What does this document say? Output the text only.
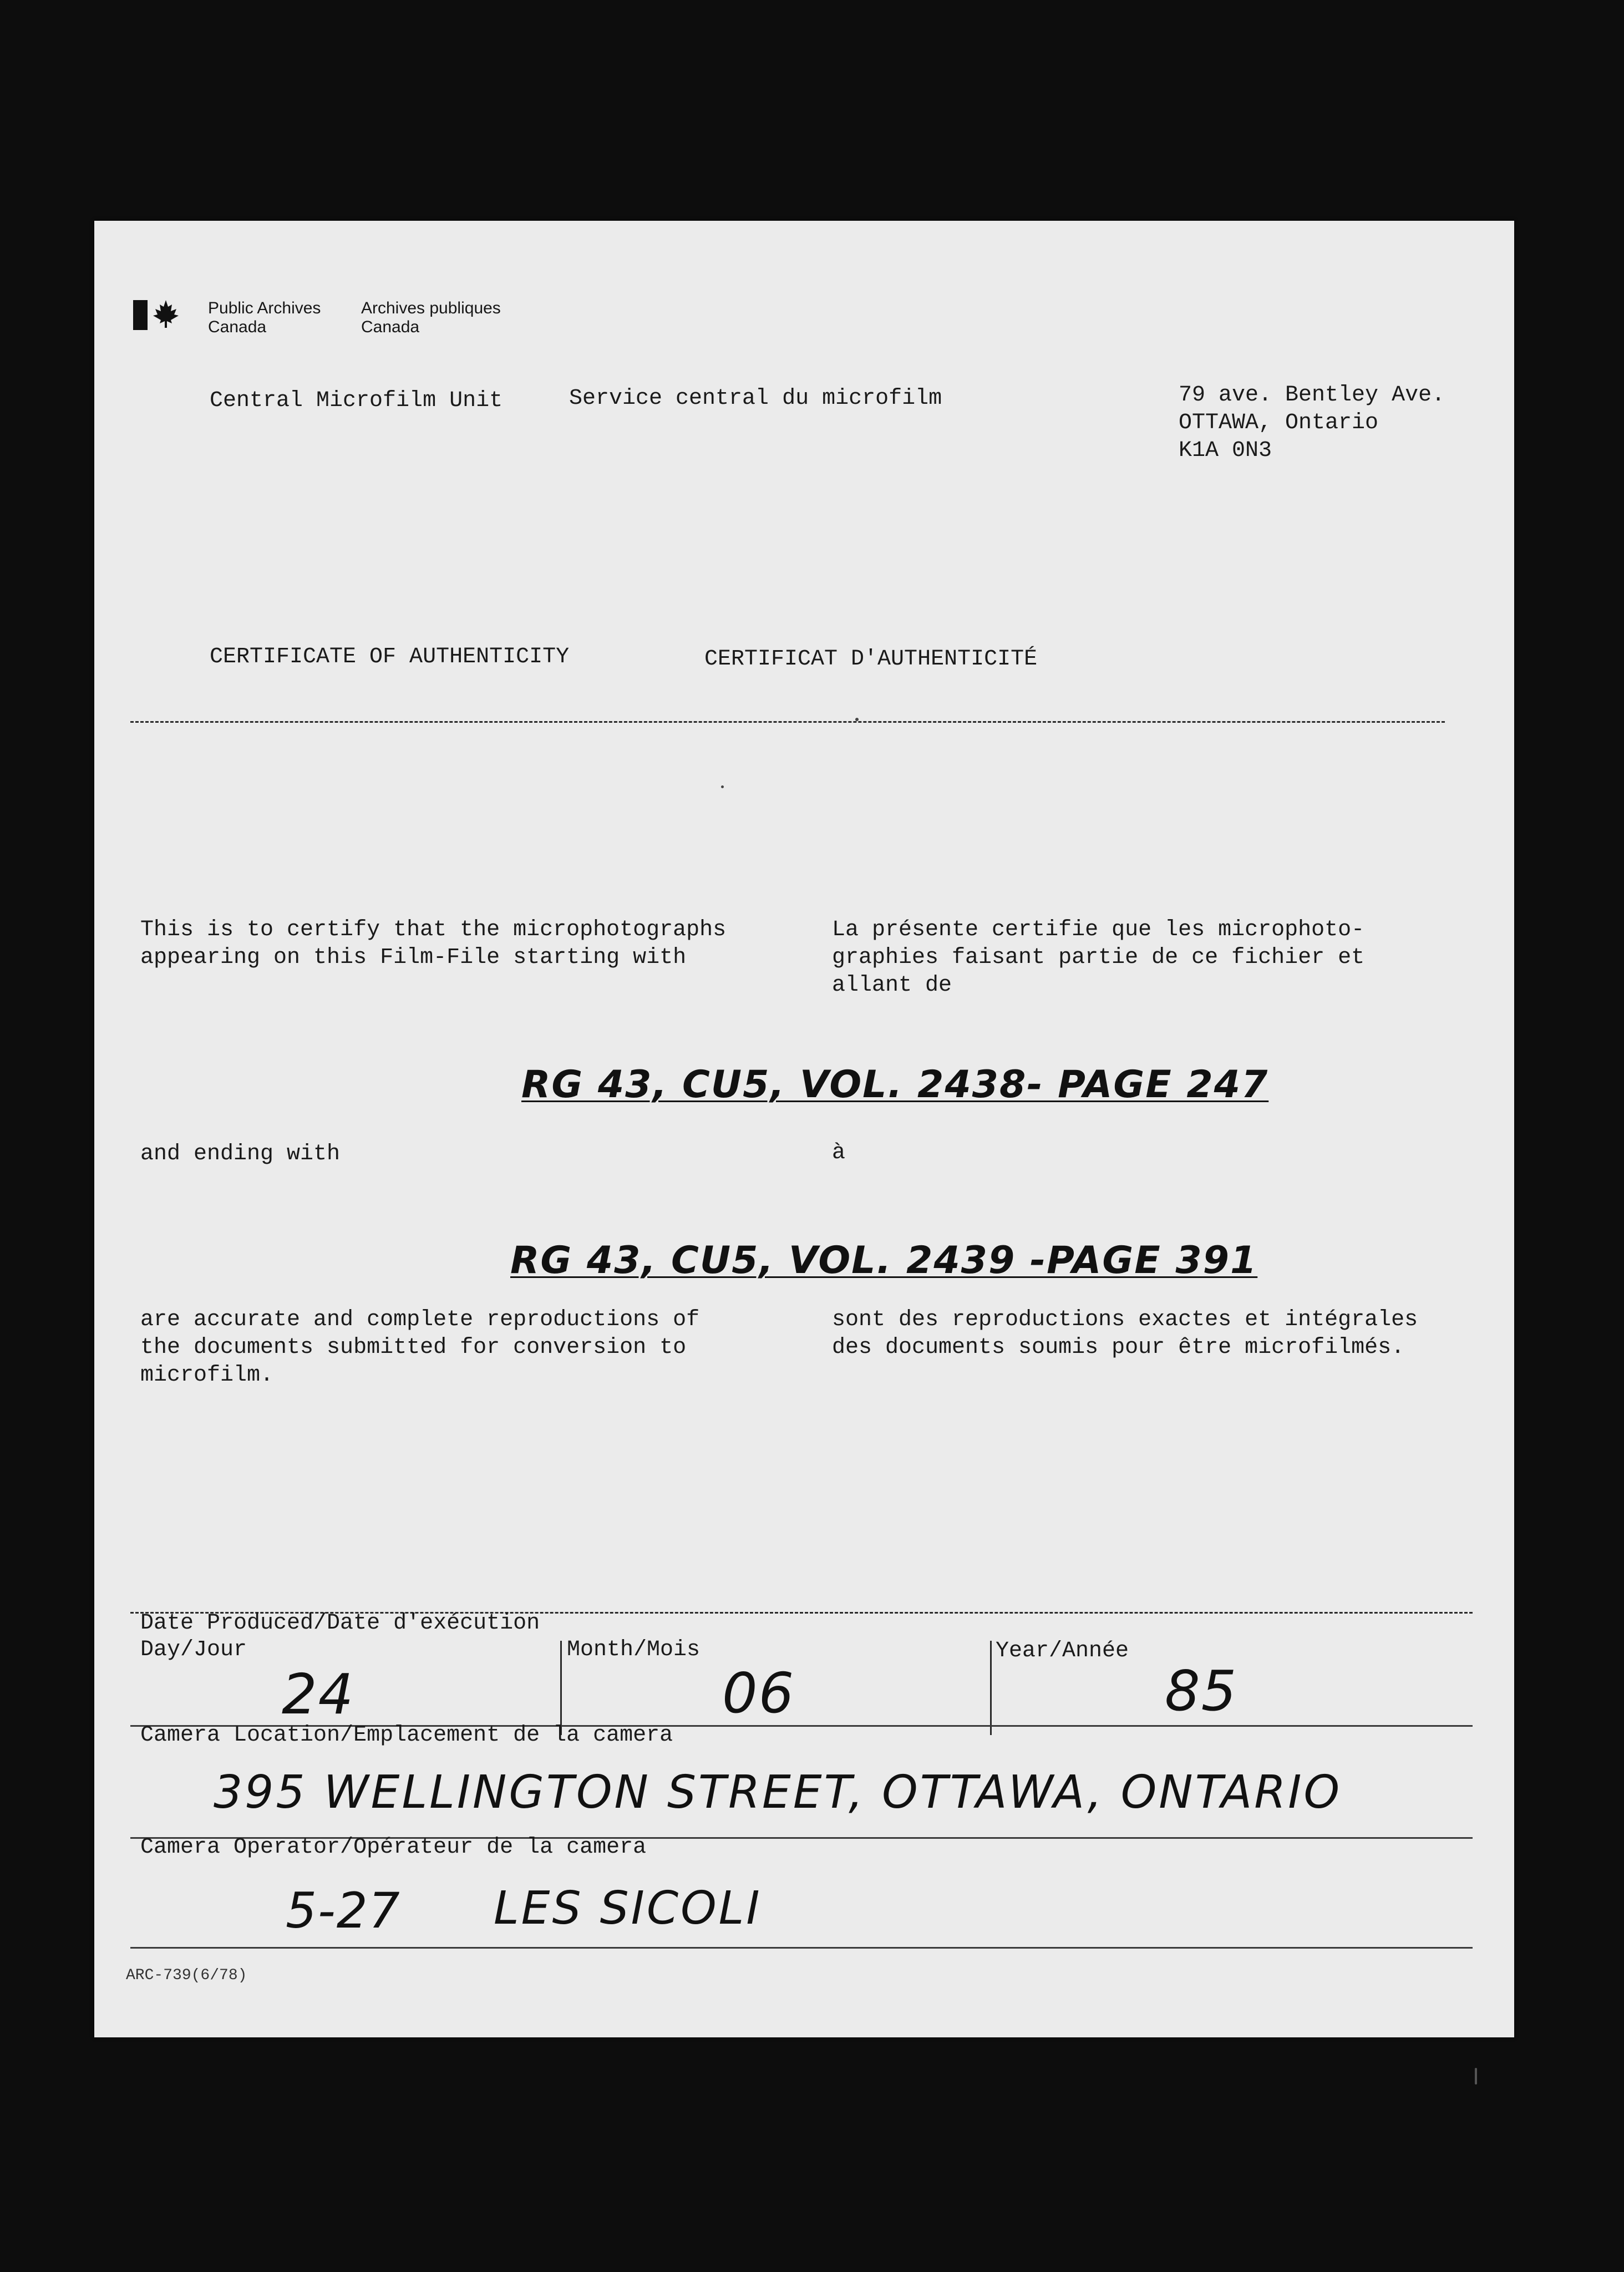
Public Archives
Canada
Archives publiques
Canada
Central Microfilm Unit	Service central du microfilm	79 ave. Bentley Ave.
OTTAWA, Ontario
K1A 0N3
CERTIFICATE OF AUTHENTICITY	CERTIFICAT D'AUTHENTICITÉ
This is to certify that the microphotographs
appearing on this Film-File starting with
La présente certifie que les microphoto-
graphies faisant partie de ce fichier et
allant de
RG 43, CU5, VOL. 2438- PAGE 247
and ending with	à
RG 43, CU5, VOL. 2439 -PAGE 391
are accurate and complete reproductions of
the documents submitted for conversion to
microfilm.
sont des reproductions exactes et intégrales
des documents soumis pour être microfilmés.
Date Produced/Date d'exécution
Day/Jour	Month/Mois	Year/Année
24	06	85
Camera Location/Emplacement de la camera
395 WELLINGTON STREET, OTTAWA, ONTARIO
Camera Operator/Opérateur de la camera
5-27 LES SICOLI
ARC-739(6/78)
